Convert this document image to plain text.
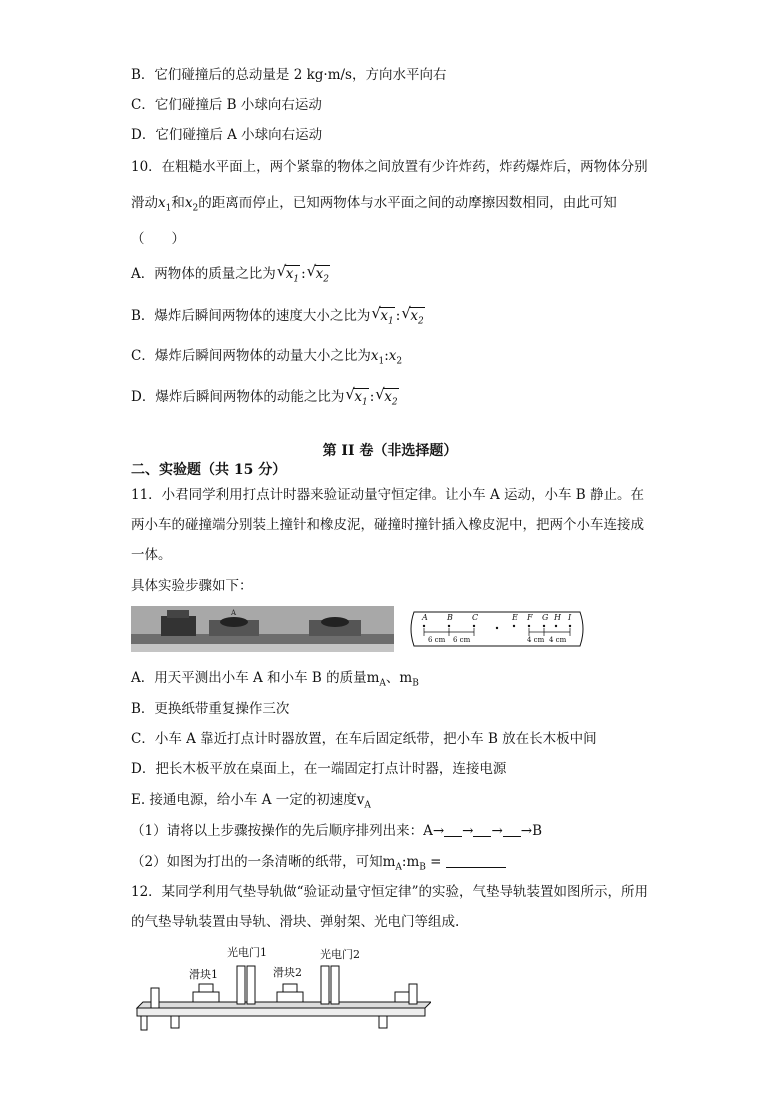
B．它们碰撞后的总动量是 2 kg·m/s，方向水平向右
C．它们碰撞后 B 小球向右运动
D．它们碰撞后 A 小球向右运动
10．在粗糙水平面上，两个紧靠的物体之间放置有少许炸药，炸药爆炸后，两物体分别
滑动$x_1$和$x_2$的距离而停止，已知两物体与水平面之间的动摩擦因数相同，由此可知
（　　）
A．两物体的质量之比为 √ $x_1$ : √ $x_2$
B．爆炸后瞬间两物体的速度大小之比为 √ $x_1$ : √ $x_2$
C．爆炸后瞬间两物体的动量大小之比为$x_1:x_2$
D．爆炸后瞬间两物体的动能之比为 √ $x_1$ : √ $x_2$
第 II 卷（非选择题）
二、实验题（共 15 分）
11．小君同学利用打点计时器来验证动量守恒定律。让小车 A 运动，小车 B 静止。在
两小车的碰撞端分别装上撞针和橡皮泥，碰撞时撞针插入橡皮泥中，把两个小车连接成
一体。
具体实验步骤如下：
A	A B C	E F G H I
6 cm 6 cm	4 cm 4 cm
A．用天平测出小车 A 和小车 B 的质量$m_A$、$m_B$
B．更换纸带重复操作三次
C．小车 A 靠近打点计时器放置，在车后固定纸带，把小车 B 放在长木板中间
D．把长木板平放在桌面上，在一端固定打点计时器，连接电源
E. 接通电源，给小车 A 一定的初速度$v_A$
（1）请将以上步骤按操作的先后顺序排列出来：A→ → → →B
（2）如图为打出的一条清晰的纸带，可知$m_A:m_B$ =
12．某同学利用气垫导轨做“验证动量守恒定律”的实验，气垫导轨装置如图所示，所用
的气垫导轨装置由导轨、滑块、弹射架、光电门等组成.
滑块1
光电门1
滑块2
光电门2
